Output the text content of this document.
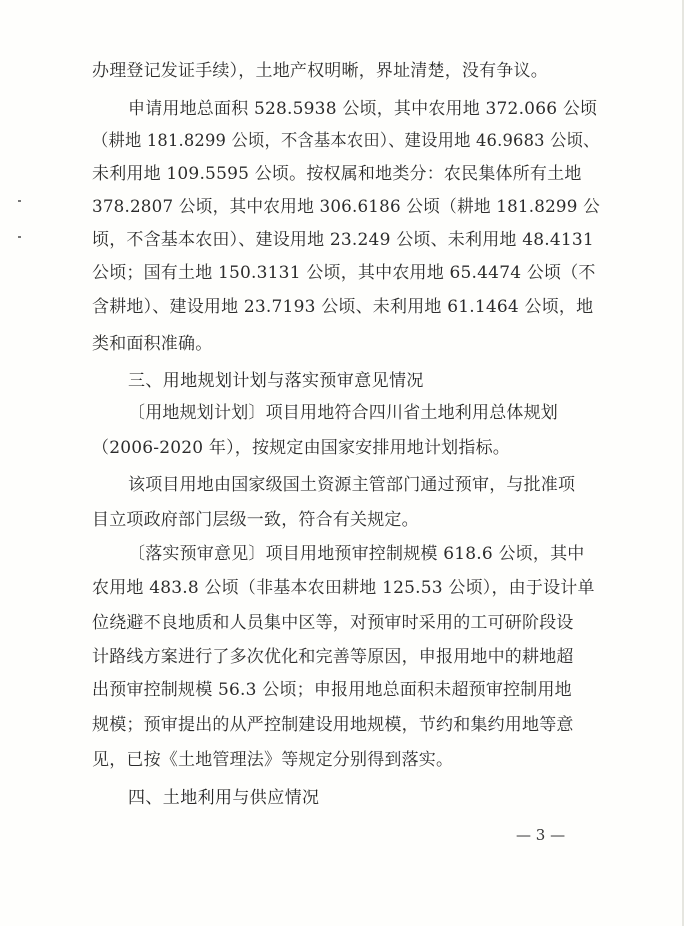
办理登记发证手续），土地产权明晰，界址清楚，没有争议。
申请用地总面积 528.5938 公顷，其中农用地 372.066 公顷
（耕地 181.8299 公顷，不含基本农田）、建设用地 46.9683 公顷、
未利用地 109.5595 公顷。按权属和地类分：农民集体所有土地
378.2807 公顷，其中农用地 306.6186 公顷（耕地 181.8299 公
顷，不含基本农田）、建设用地 23.249 公顷、未利用地 48.4131
公顷；国有土地 150.3131 公顷，其中农用地 65.4474 公顷（不
含耕地）、建设用地 23.7193 公顷、未利用地 61.1464 公顷，地
类和面积准确。
三、用地规划计划与落实预审意见情况
〔用地规划计划〕项目用地符合四川省土地利用总体规划
（2006-2020 年），按规定由国家安排用地计划指标。
该项目用地由国家级国土资源主管部门通过预审，与批准项
目立项政府部门层级一致，符合有关规定。
〔落实预审意见〕项目用地预审控制规模 618.6 公顷，其中
农用地 483.8 公顷（非基本农田耕地 125.53 公顷），由于设计单
位绕避不良地质和人员集中区等，对预审时采用的工可研阶段设
计路线方案进行了多次优化和完善等原因，申报用地中的耕地超
出预审控制规模 56.3 公顷；申报用地总面积未超预审控制用地
规模；预审提出的从严控制建设用地规模，节约和集约用地等意
见，已按《土地管理法》等规定分别得到落实。
四、土地利用与供应情况
— 3 —
